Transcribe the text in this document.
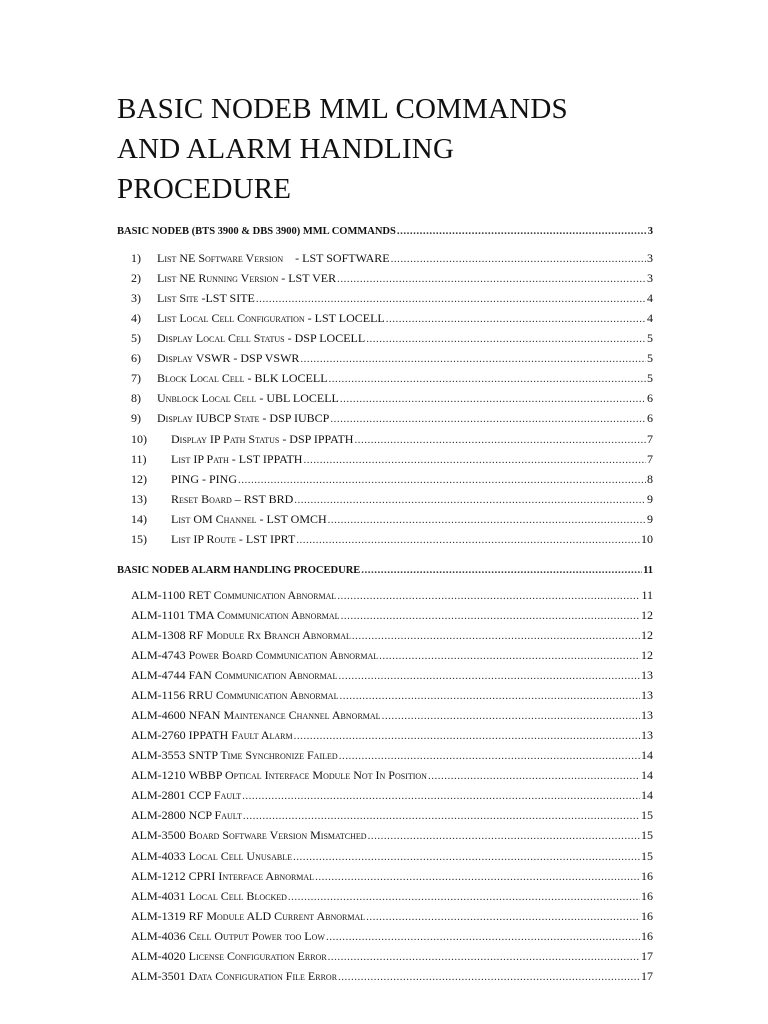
BASIC NODEB MML COMMANDS
AND ALARM HANDLING
PROCEDURE
BASIC NODEB (BTS 3900 & DBS 3900) MML COMMANDS .....	3
1)	List NE Software Version    - LST SOFTWARE .....	3
2)	List NE Running Version - LST VER .....	3
3)	List Site -LST SITE .....	4
4)	List Local Cell Configuration - LST LOCELL .....	4
5)	Display Local Cell Status - DSP LOCELL .....	5
6)	Display VSWR - DSP VSWR .....	5
7)	Block Local Cell - BLK LOCELL .....	5
8)	Unblock Local Cell - UBL LOCELL .....	6
9)	Display IUBCP State - DSP IUBCP .....	6
10)	Display IP Path Status - DSP IPPATH .....	7
11)	List IP Path - LST IPPATH .....	7
12)	PING - PING .....	8
13)	Reset Board – RST BRD .....	9
14)	List OM Channel - LST OMCH .....	9
15)	List IP Route - LST IPRT .....	10
BASIC NODEB ALARM HANDLING PROCEDURE .....	11
ALM-1100 RET Communication Abnormal .....	11
ALM-1101 TMA Communication Abnormal .....	12
ALM-1308 RF Module Rx Branch Abnormal .....	12
ALM-4743 Power Board Communication Abnormal .....	12
ALM-4744 FAN Communication Abnormal .....	13
ALM-1156 RRU Communication Abnormal .....	13
ALM-4600 NFAN Maintenance Channel Abnormal .....	13
ALM-2760 IPPATH Fault Alarm .....	13
ALM-3553 SNTP Time Synchronize Failed .....	14
ALM-1210 WBBP Optical Interface Module Not In Position .....	14
ALM-2801 CCP Fault .....	14
ALM-2800 NCP Fault .....	15
ALM-3500 Board Software Version Mismatched .....	15
ALM-4033 Local Cell Unusable .....	15
ALM-1212 CPRI Interface Abnormal .....	16
ALM-4031 Local Cell Blocked .....	16
ALM-1319 RF Module ALD Current Abnormal .....	16
ALM-4036 Cell Output Power too Low .....	16
ALM-4020 License Configuration Error .....	17
ALM-3501 Data Configuration File Error .....	17
